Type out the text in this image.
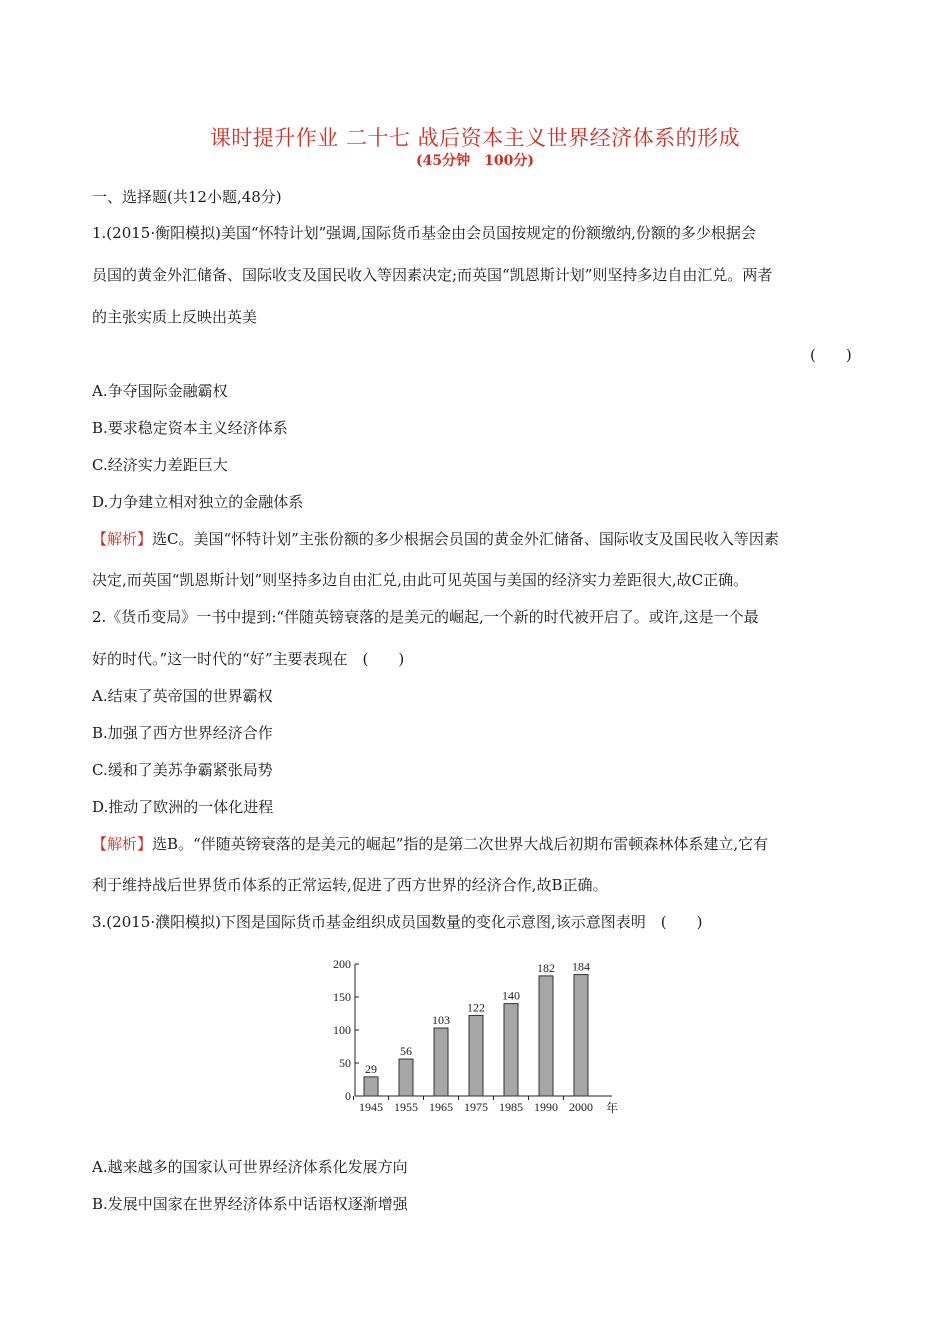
课时提升作业 二十七 战后资本主义世界经济体系的形成
(45分钟　100分)
一、选择题(共12小题,48分)
1.(2015·衡阳模拟)美国“怀特计划”强调,国际货币基金由会员国按规定的份额缴纳,份额的多少根据会
员国的黄金外汇储备、国际收支及国民收入等因素决定;而英国“凯恩斯计划”则坚持多边自由汇兑。两者
的主张实质上反映出英美
(　　)
A.争夺国际金融霸权
B.要求稳定资本主义经济体系
C.经济实力差距巨大
D.力争建立相对独立的金融体系
【解析】选C。美国“怀特计划”主张份额的多少根据会员国的黄金外汇储备、国际收支及国民收入等因素
决定,而英国“凯恩斯计划”则坚持多边自由汇兑,由此可见英国与美国的经济实力差距很大,故C正确。
2.《货币变局》一书中提到:“伴随英镑衰落的是美元的崛起,一个新的时代被开启了。或许,这是一个最
好的时代。”这一时代的“好”主要表现在　(　　)
A.结束了英帝国的世界霸权
B.加强了西方世界经济合作
C.缓和了美苏争霸紧张局势
D.推动了欧洲的一体化进程
【解析】选B。“伴随英镑衰落的是美元的崛起”指的是第二次世界大战后初期布雷顿森林体系建立,它有
利于维持战后世界货币体系的正常运转,促进了西方世界的经济合作,故B正确。
3.(2015·濮阳模拟)下图是国际货币基金组织成员国数量的变化示意图,该示意图表明　(　　)
0
50
100
150
200
29
1945
56
1955
103
1965
122
1975
140
1985
182
1990
184
2000 年
A.越来越多的国家认可世界经济体系化发展方向
B.发展中国家在世界经济体系中话语权逐渐增强
